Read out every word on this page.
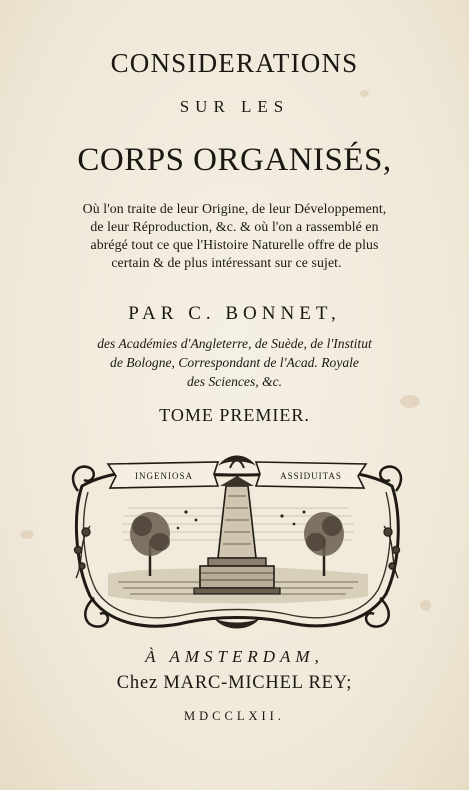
CONSIDERATIONS
SUR LES
CORPS ORGANISÉS,
Où l'on traite de leur Origine, de leur Développement,
de leur Réproduction, &c. & où l'on a rassemblé en
abrégé tout ce que l'Histoire Naturelle offre de plus
certain & de plus intéressant sur ce sujet.
PAR C. BONNET,
des Académies d'Angleterre, de Suède, de l'Institut
de Bologne, Correspondant de l'Acad. Royale
des Sciences, &c.
TOME PREMIER.
INGENIOSA	ASSIDUITAS
À AMSTERDAM,
Chez MARC-MICHEL REY;
MDCCLXII.
